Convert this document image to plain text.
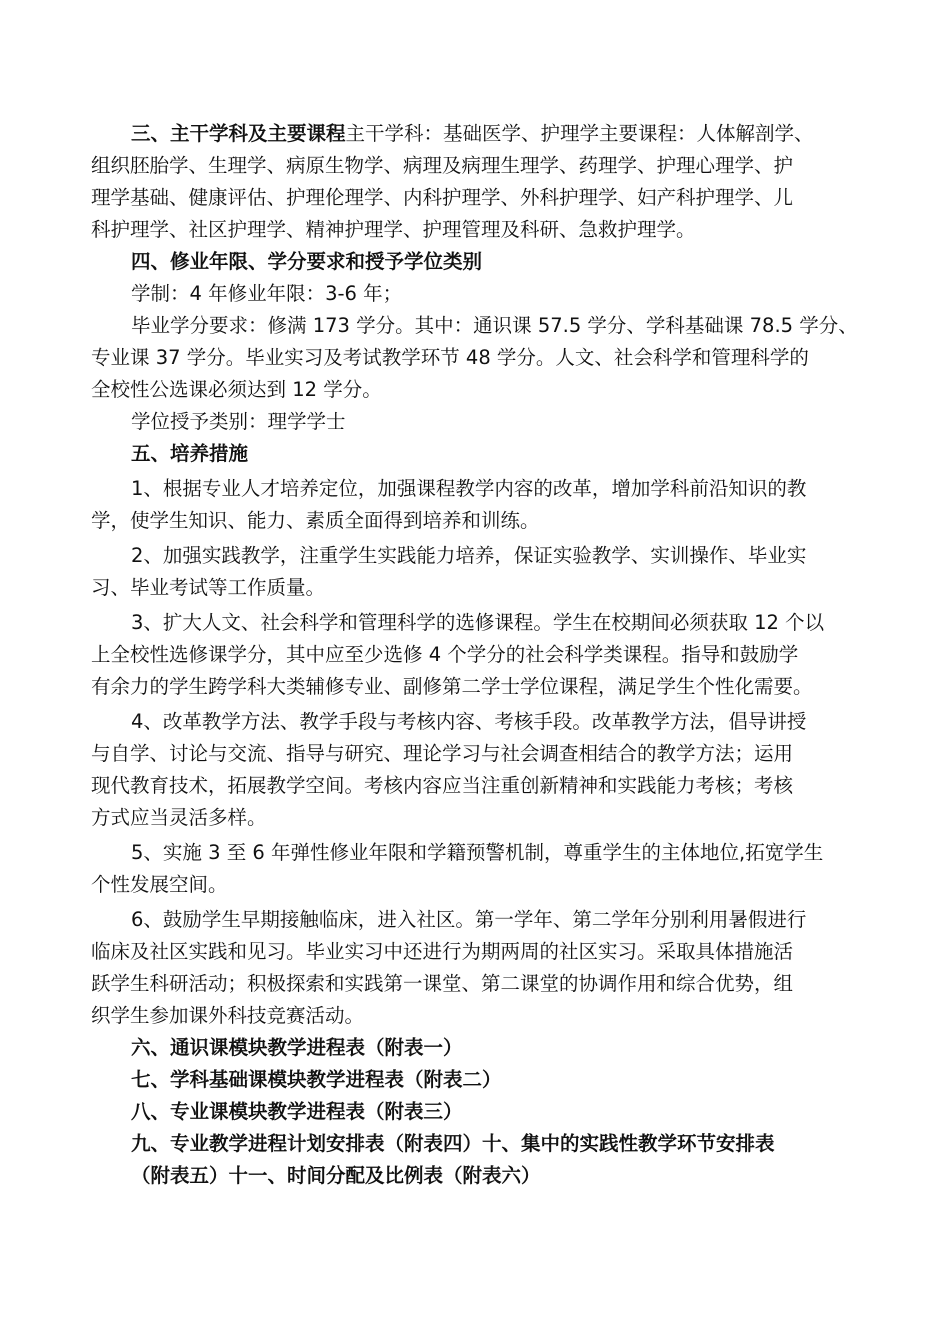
三、主干学科及主要课程主干学科：基础医学、护理学主要课程：人体解剖学、
组织胚胎学、生理学、病原生物学、病理及病理生理学、药理学、护理心理学、护
理学基础、健康评估、护理伦理学、内科护理学、外科护理学、妇产科护理学、儿
科护理学、社区护理学、精神护理学、护理管理及科研、急救护理学。
四、修业年限、学分要求和授予学位类别
学制：4 年修业年限：3-6 年；
毕业学分要求：修满 173 学分。其中：通识课 57.5 学分、学科基础课 78.5 学分、
专业课 37 学分。毕业实习及考试教学环节 48 学分。人文、社会科学和管理科学的
全校性公选课必须达到 12 学分。
学位授予类别：理学学士
五、培养措施
1、根据专业人才培养定位，加强课程教学内容的改革，增加学科前沿知识的教
学，使学生知识、能力、素质全面得到培养和训练。
2、加强实践教学，注重学生实践能力培养，保证实验教学、实训操作、毕业实
习、毕业考试等工作质量。
3、扩大人文、社会科学和管理科学的选修课程。学生在校期间必须获取 12 个以
上全校性选修课学分，其中应至少选修 4 个学分的社会科学类课程。指导和鼓励学
有余力的学生跨学科大类辅修专业、副修第二学士学位课程，满足学生个性化需要。
4、改革教学方法、教学手段与考核内容、考核手段。改革教学方法，倡导讲授
与自学、讨论与交流、指导与研究、理论学习与社会调查相结合的教学方法；运用
现代教育技术，拓展教学空间。考核内容应当注重创新精神和实践能力考核；考核
方式应当灵活多样。
5、实施 3 至 6 年弹性修业年限和学籍预警机制，尊重学生的主体地位,拓宽学生
个性发展空间。
6、鼓励学生早期接触临床，进入社区。第一学年、第二学年分别利用暑假进行
临床及社区实践和见习。毕业实习中还进行为期两周的社区实习。采取具体措施活
跃学生科研活动；积极探索和实践第一课堂、第二课堂的协调作用和综合优势，组
织学生参加课外科技竞赛活动。
六、通识课模块教学进程表（附表一）
七、学科基础课模块教学进程表（附表二）
八、专业课模块教学进程表（附表三）
九、专业教学进程计划安排表（附表四）十、集中的实践性教学环节安排表
（附表五）十一、时间分配及比例表（附表六）
